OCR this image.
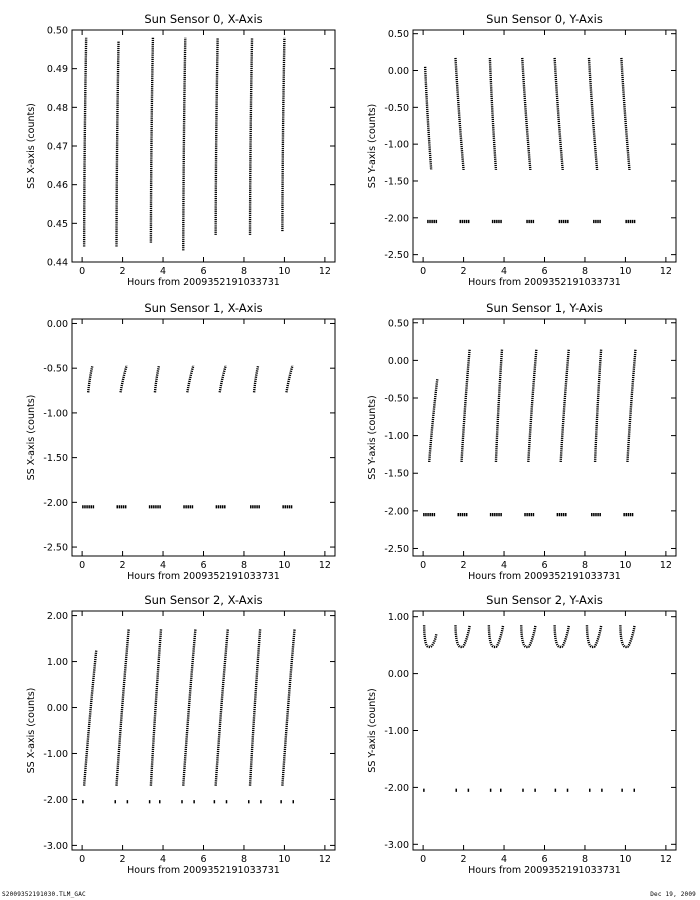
Sun Sensor 0, X-Axis
0	2	4	6	8	10	12
0.44
0.45
0.46
0.47
0.48
0.49
0.50
Hours from 2009352191033731
SS X-axis (counts)
Sun Sensor 0, Y-Axis
0	2	4	6	8	10	12
-2.50
-2.00
-1.50
-1.00
-0.50
0.00
0.50
Hours from 2009352191033731
SS Y-axis (counts)
Sun Sensor 1, X-Axis
0	2	4	6	8	10	12
-2.50
-2.00
-1.50
-1.00
-0.50
0.00
Hours from 2009352191033731
SS X-axis (counts)
Sun Sensor 1, Y-Axis
0	2	4	6	8	10	12
-2.50
-2.00
-1.50
-1.00
-0.50
0.00
0.50
Hours from 2009352191033731
SS Y-axis (counts)
Sun Sensor 2, X-Axis
0	2	4	6	8	10	12
-3.00
-2.00
-1.00
0.00
1.00
2.00
Hours from 2009352191033731
SS X-axis (counts)
Sun Sensor 2, Y-Axis
0	2	4	6	8	10	12
-3.00
-2.00
-1.00
0.00
1.00
Hours from 2009352191033731
SS Y-axis (counts)
S2009352191030.TLM_GAC	Dec 19, 2009
